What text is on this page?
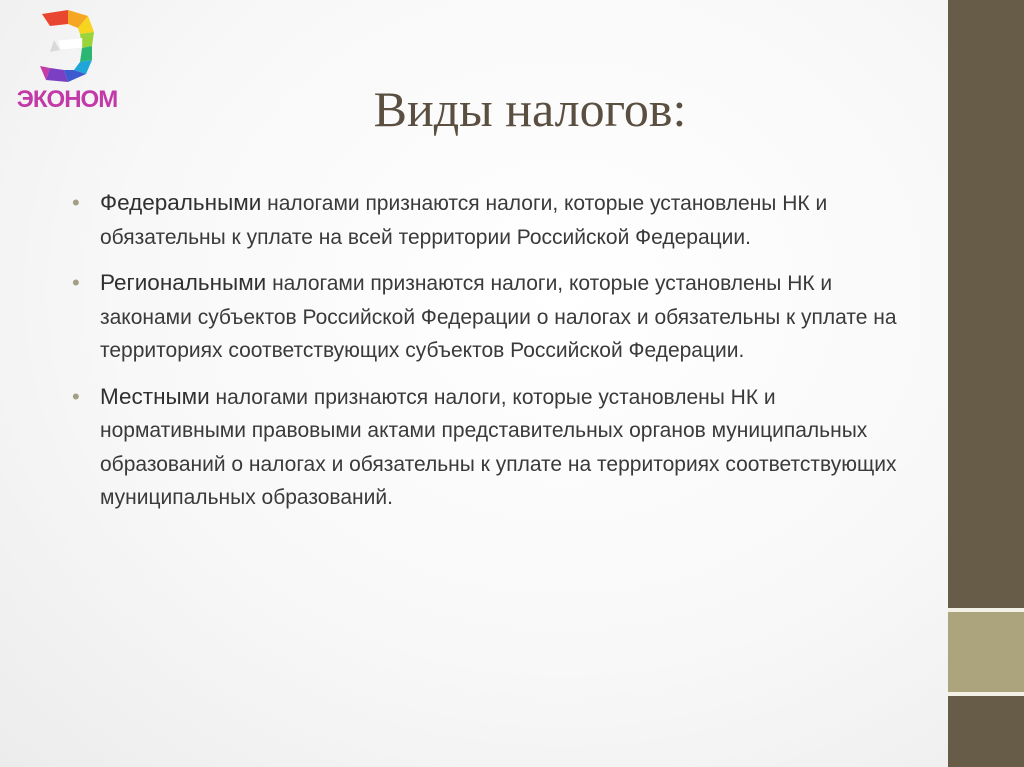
ЭКОНОМ	Виды налогов:
• Федеральными налогами признаются налоги, которые установлены НК и обязательны к уплате на всей территории Российской Федерации.
• Региональными налогами признаются налоги, которые установлены НК и законами субъектов Российской Федерации о налогах и обязательны к уплате на территориях соответствующих субъектов Российской Федерации.
• Местными налогами признаются налоги, которые установлены НК и нормативными правовыми актами представительных органов муниципальных образований о налогах и обязательны к уплате на территориях соответствующих муниципальных образований.
